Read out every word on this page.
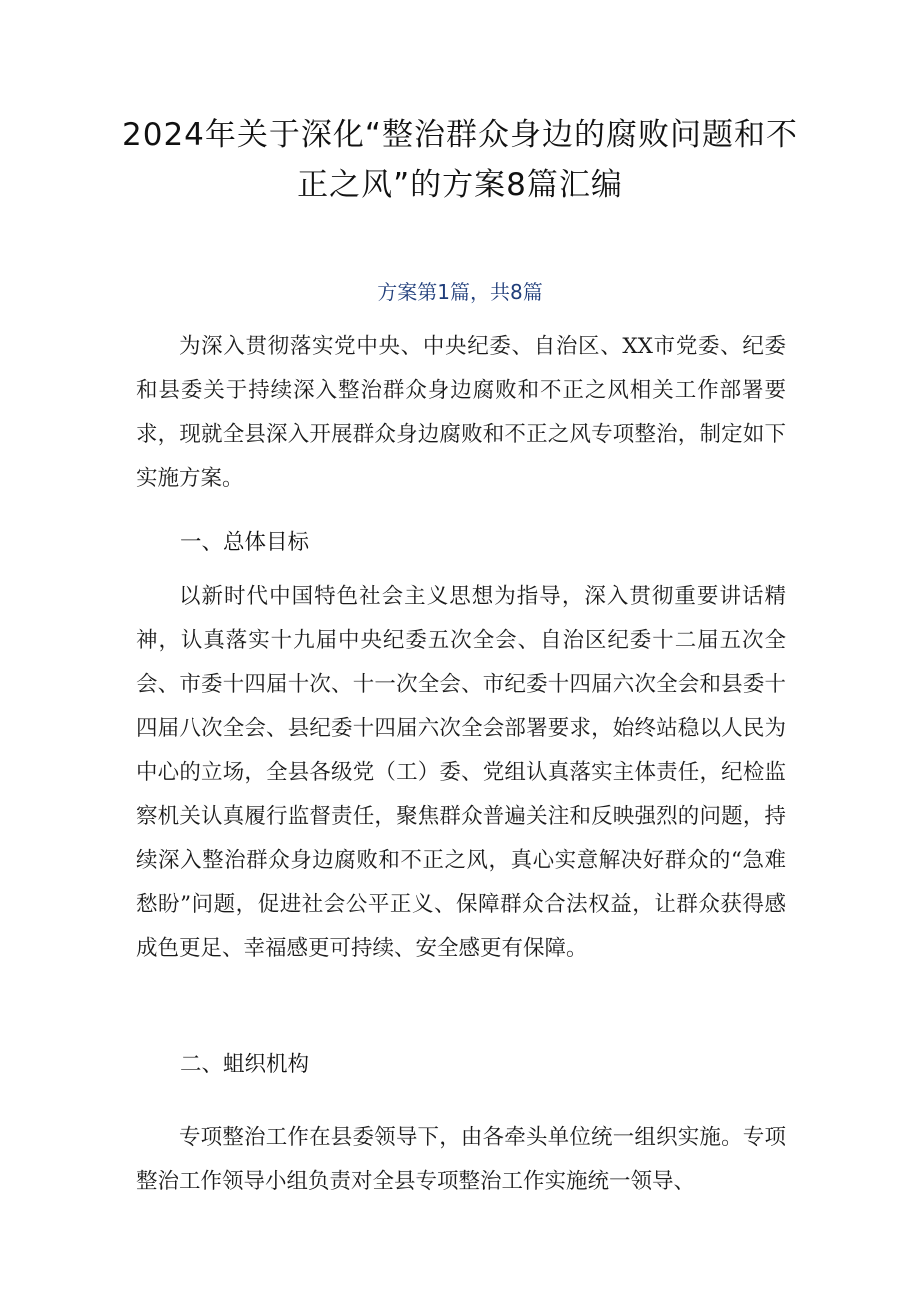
2024年关于深化“整治群众身边的腐败问题和不正之风”的方案8篇汇编
方案第1篇，共8篇

为深入贯彻落实党中央、中央纪委、自治区、XX市党委、纪委和县委关于持续深入整治群众身边腐败和不正之风相关工作部署要求，现就全县深入开展群众身边腐败和不正之风专项整治，制定如下实施方案。

一、总体目标

以新时代中国特色社会主义思想为指导，深入贯彻重要讲话精神，认真落实十九届中央纪委五次全会、自治区纪委十二届五次全会、市委十四届十次、十一次全会、市纪委十四届六次全会和县委十四届八次全会、县纪委十四届六次全会部署要求，始终站稳以人民为中心的立场，全县各级党（工）委、党组认真落实主体责任，纪检监察机关认真履行监督责任，聚焦群众普遍关注和反映强烈的问题，持续深入整治群众身边腐败和不正之风，真心实意解决好群众的“急难愁盼”问题，促进社会公平正义、保障群众合法权益，让群众获得感成色更足、幸福感更可持续、安全感更有保障。

二、蛆织机构

专项整治工作在县委领导下，由各牵头单位统一组织实施。专项整治工作领导小组负责对全县专项整治工作实施统一领导、
